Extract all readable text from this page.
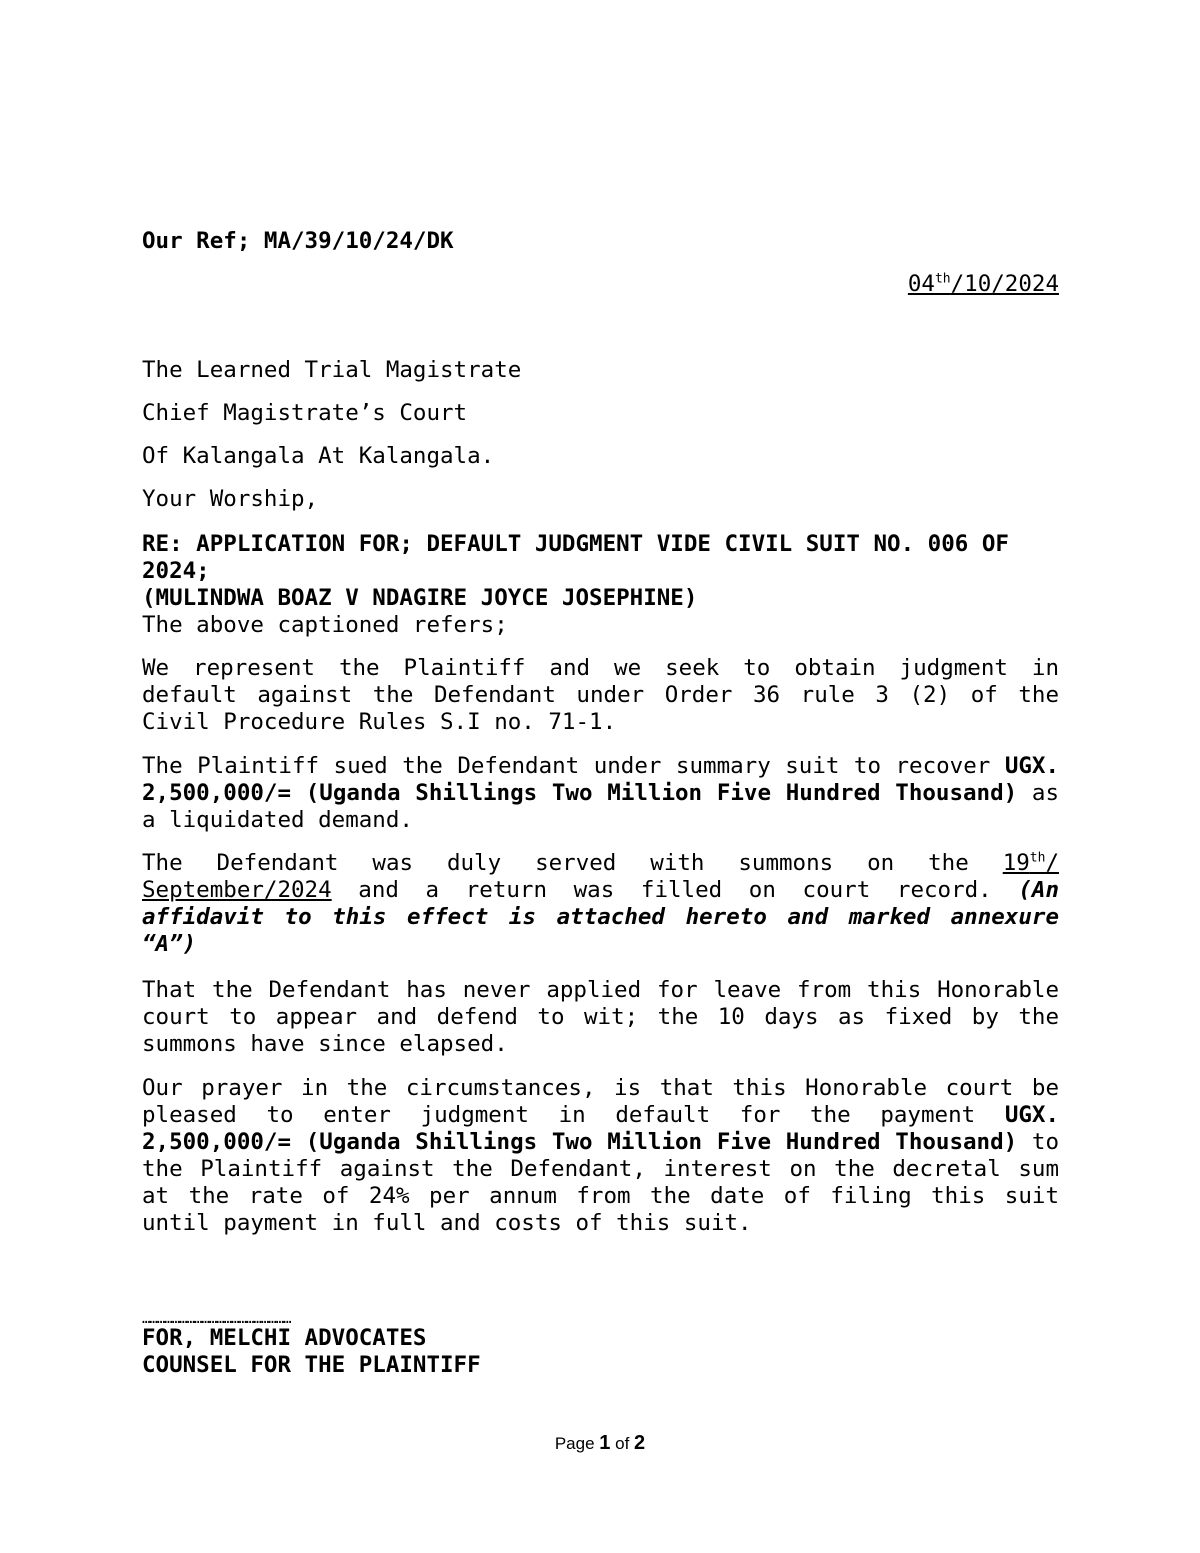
Our Ref; MA/39/10/24/DK

04th/10/2024

The Learned Trial Magistrate

Chief Magistrate’s Court

Of Kalangala At Kalangala.

Your Worship,

RE: APPLICATION FOR; DEFAULT JUDGMENT VIDE CIVIL SUIT NO. 006 OF 2024;
(MULINDWA BOAZ V NDAGIRE JOYCE JOSEPHINE)

The above captioned refers;

We represent the Plaintiff and we seek to obtain judgment in default against the Defendant under Order 36 rule 3 (2) of the Civil Procedure Rules S.I no. 71-1.

The Plaintiff sued the Defendant under summary suit to recover UGX. 2,500,000/= (Uganda Shillings Two Million Five Hundred Thousand) as a liquidated demand.

The Defendant was duly served with summons on the 19th/ September/2024 and a return was filled on court record. (An affidavit to this effect is attached hereto and marked annexure “A”)

That the Defendant has never applied for leave from this Honorable court to appear and defend to wit; the 10 days as fixed by the summons have since elapsed.

Our prayer in the circumstances, is that this Honorable court be pleased to enter judgment in default for the payment UGX. 2,500,000/= (Uganda Shillings Two Million Five Hundred Thousand) to the Plaintiff against the Defendant, interest on the decretal sum at the rate of 24% per annum from the date of filing this suit until payment in full and costs of this suit.

……………………………………………………
FOR, MELCHI ADVOCATES
COUNSEL FOR THE PLAINTIFF
Page 1 of 2
